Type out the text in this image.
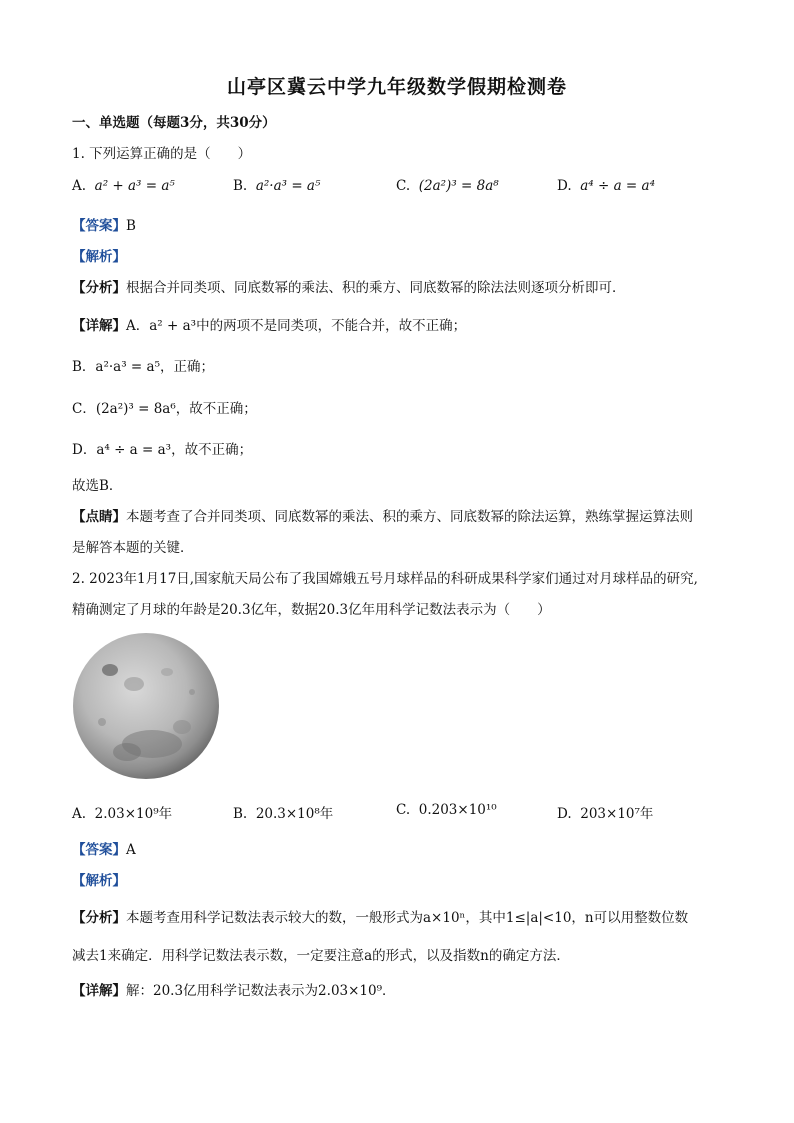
山亭区冀云中学九年级数学假期检测卷
一、单选题（每题3分，共30分）
1. 下列运算正确的是（　　）
A. a² + a³ = a⁵	B. a²·a³ = a⁵	C. (2a²)³ = 8a⁸	D. a⁴ ÷ a = a⁴
【答案】B
【解析】
【分析】根据合并同类项、同底数幂的乘法、积的乘方、同底数幂的除法法则逐项分析即可．
【详解】A．a² + a³中的两项不是同类项，不能合并，故不正确；
B．a²·a³ = a⁵，正确；
C．(2a²)³ = 8a⁶，故不正确；
D．a⁴ ÷ a = a³，故不正确；
故选B．
【点睛】本题考查了合并同类项、同底数幂的乘法、积的乘方、同底数幂的除法运算，熟练掌握运算法则
是解答本题的关键．
2. 2023年1月17日,国家航天局公布了我国嫦娥五号月球样品的科研成果科学家们通过对月球样品的研究,
精确测定了月球的年龄是20.3亿年，数据20.3亿年用科学记数法表示为（　　）
A. 2.03×10⁹年	B. 20.3×10⁸年	C. 0.203×10¹⁰	D. 203×10⁷年
【答案】A
【解析】
【分析】本题考查用科学记数法表示较大的数，一般形式为a×10ⁿ，其中1≤|a|<10，n可以用整数位数
减去1来确定．用科学记数法表示数，一定要注意a的形式，以及指数n的确定方法．
【详解】解：20.3亿用科学记数法表示为2.03×10⁹．
